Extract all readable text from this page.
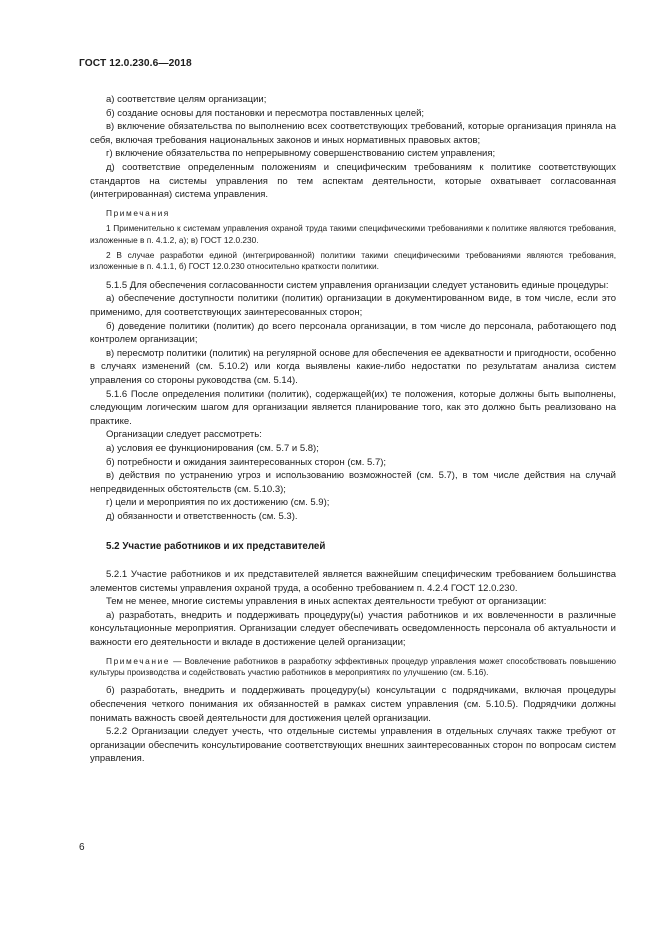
ГОСТ 12.0.230.6—2018

а) соответствие целям организации;

б) создание основы для постановки и пересмотра поставленных целей;

в) включение обязательства по выполнению всех соответствующих требований, которые организация приняла на себя, включая требования национальных законов и иных нормативных правовых актов;

г) включение обязательства по непрерывному совершенствованию систем управления;

д) соответствие определенным положениям и специфическим требованиям к политике соответствующих стандартов на системы управления по тем аспектам деятельности, которые охватывает согласованная (интегрированная) система управления.

Примечания

1 Применительно к системам управления охраной труда такими специфическими требованиями к политике являются требования, изложенные в п. 4.1.2, а); в) ГОСТ 12.0.230.

2 В случае разработки единой (интегрированной) политики такими специфическими требованиями являются требования, изложенные в п. 4.1.1, б) ГОСТ 12.0.230 относительно краткости политики.

5.1.5 Для обеспечения согласованности систем управления организации следует установить единые процедуры:

а) обеспечение доступности политики (политик) организации в документированном виде, в том числе, если это применимо, для соответствующих заинтересованных сторон;

б) доведение политики (политик) до всего персонала организации, в том числе до персонала, работающего под контролем организации;

в) пересмотр политики (политик) на регулярной основе для обеспечения ее адекватности и пригодности, особенно в случаях изменений (см. 5.10.2) или когда выявлены какие-либо недостатки по результатам анализа систем управления со стороны руководства (см. 5.14).

5.1.6 После определения политики (политик), содержащей(их) те положения, которые должны быть выполнены, следующим логическим шагом для организации является планирование того, как это должно быть реализовано на практике.

Организации следует рассмотреть:

а) условия ее функционирования (см. 5.7 и 5.8);

б) потребности и ожидания заинтересованных сторон (см. 5.7);

в) действия по устранению угроз и использованию возможностей (см. 5.7), в том числе действия на случай непредвиденных обстоятельств (см. 5.10.3);

г) цели и мероприятия по их достижению (см. 5.9);

д) обязанности и ответственность (см. 5.3).

5.2 Участие работников и их представителей

5.2.1 Участие работников и их представителей является важнейшим специфическим требованием большинства элементов системы управления охраной труда, а особенно требованием п. 4.2.4 ГОСТ 12.0.230.

Тем не менее, многие системы управления в иных аспектах деятельности требуют от организации:

а) разработать, внедрить и поддерживать процедуру(ы) участия работников и их вовлеченности в различные консультационные мероприятия. Организации следует обеспечивать осведомленность персонала об актуальности и важности его деятельности и вкладе в достижение целей организации;

Примечание — Вовлечение работников в разработку эффективных процедур управления может способствовать повышению культуры производства и содействовать участию работников в мероприятиях по улучшению (см. 5.16).

б) разработать, внедрить и поддерживать процедуру(ы) консультации с подрядчиками, включая процедуры обеспечения четкого понимания их обязанностей в рамках систем управления (см. 5.10.5). Подрядчики должны понимать важность своей деятельности для достижения целей организации.

5.2.2 Организации следует учесть, что отдельные системы управления в отдельных случаях также требуют от организации обеспечить консультирование соответствующих внешних заинтересованных сторон по вопросам систем управления.

6
